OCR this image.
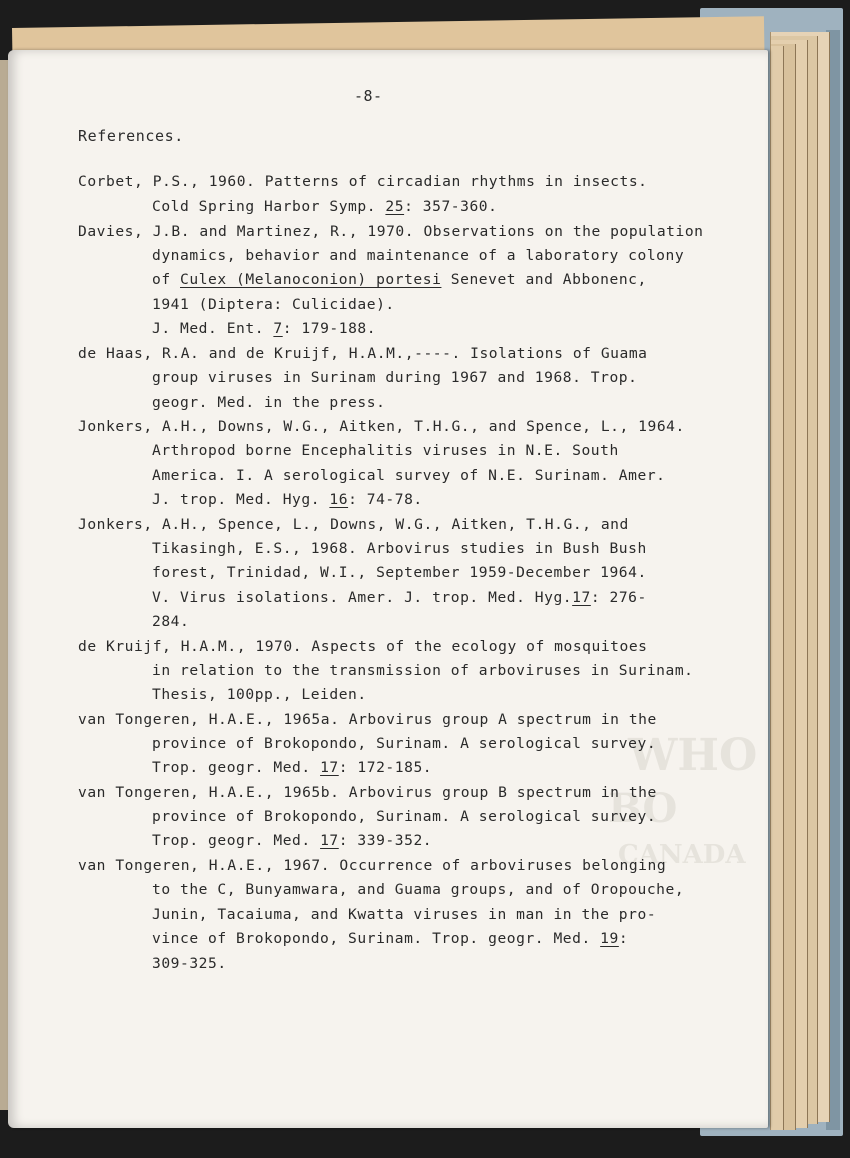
WHO
BO
CANADA
-8-
References.
Corbet, P.S., 1960. Patterns of circadian rhythms in insects.
Cold Spring Harbor Symp. 25: 357-360.
Davies, J.B. and Martinez, R., 1970. Observations on the population
dynamics, behavior and maintenance of a laboratory colony
of Culex (Melanoconion) portesi Senevet and Abbonenc,
1941 (Diptera: Culicidae).
J. Med. Ent. 7: 179-188.
de Haas, R.A. and de Kruijf, H.A.M.,----. Isolations of Guama
group viruses in Surinam during 1967 and 1968. Trop.
geogr. Med. in the press.
Jonkers, A.H., Downs, W.G., Aitken, T.H.G., and Spence, L., 1964.
Arthropod borne Encephalitis viruses in N.E. South
America. I. A serological survey of N.E. Surinam. Amer.
J. trop. Med. Hyg. 16: 74-78.
Jonkers, A.H., Spence, L., Downs, W.G., Aitken, T.H.G., and
Tikasingh, E.S., 1968. Arbovirus studies in Bush Bush
forest, Trinidad, W.I., September 1959-December 1964.
V. Virus isolations. Amer. J. trop. Med. Hyg.17: 276-
284.
de Kruijf, H.A.M., 1970. Aspects of the ecology of mosquitoes
in relation to the transmission of arboviruses in Surinam.
Thesis, 100pp., Leiden.
van Tongeren, H.A.E., 1965a. Arbovirus group A spectrum in the
province of Brokopondo, Surinam. A serological survey.
Trop. geogr. Med. 17: 172-185.
van Tongeren, H.A.E., 1965b. Arbovirus group B spectrum in the
province of Brokopondo, Surinam. A serological survey.
Trop. geogr. Med. 17: 339-352.
van Tongeren, H.A.E., 1967. Occurrence of arboviruses belonging
to the C, Bunyamwara, and Guama groups, and of Oropouche,
Junin, Tacaiuma, and Kwatta viruses in man in the pro-
vince of Brokopondo, Surinam. Trop. geogr. Med. 19:
309-325.
